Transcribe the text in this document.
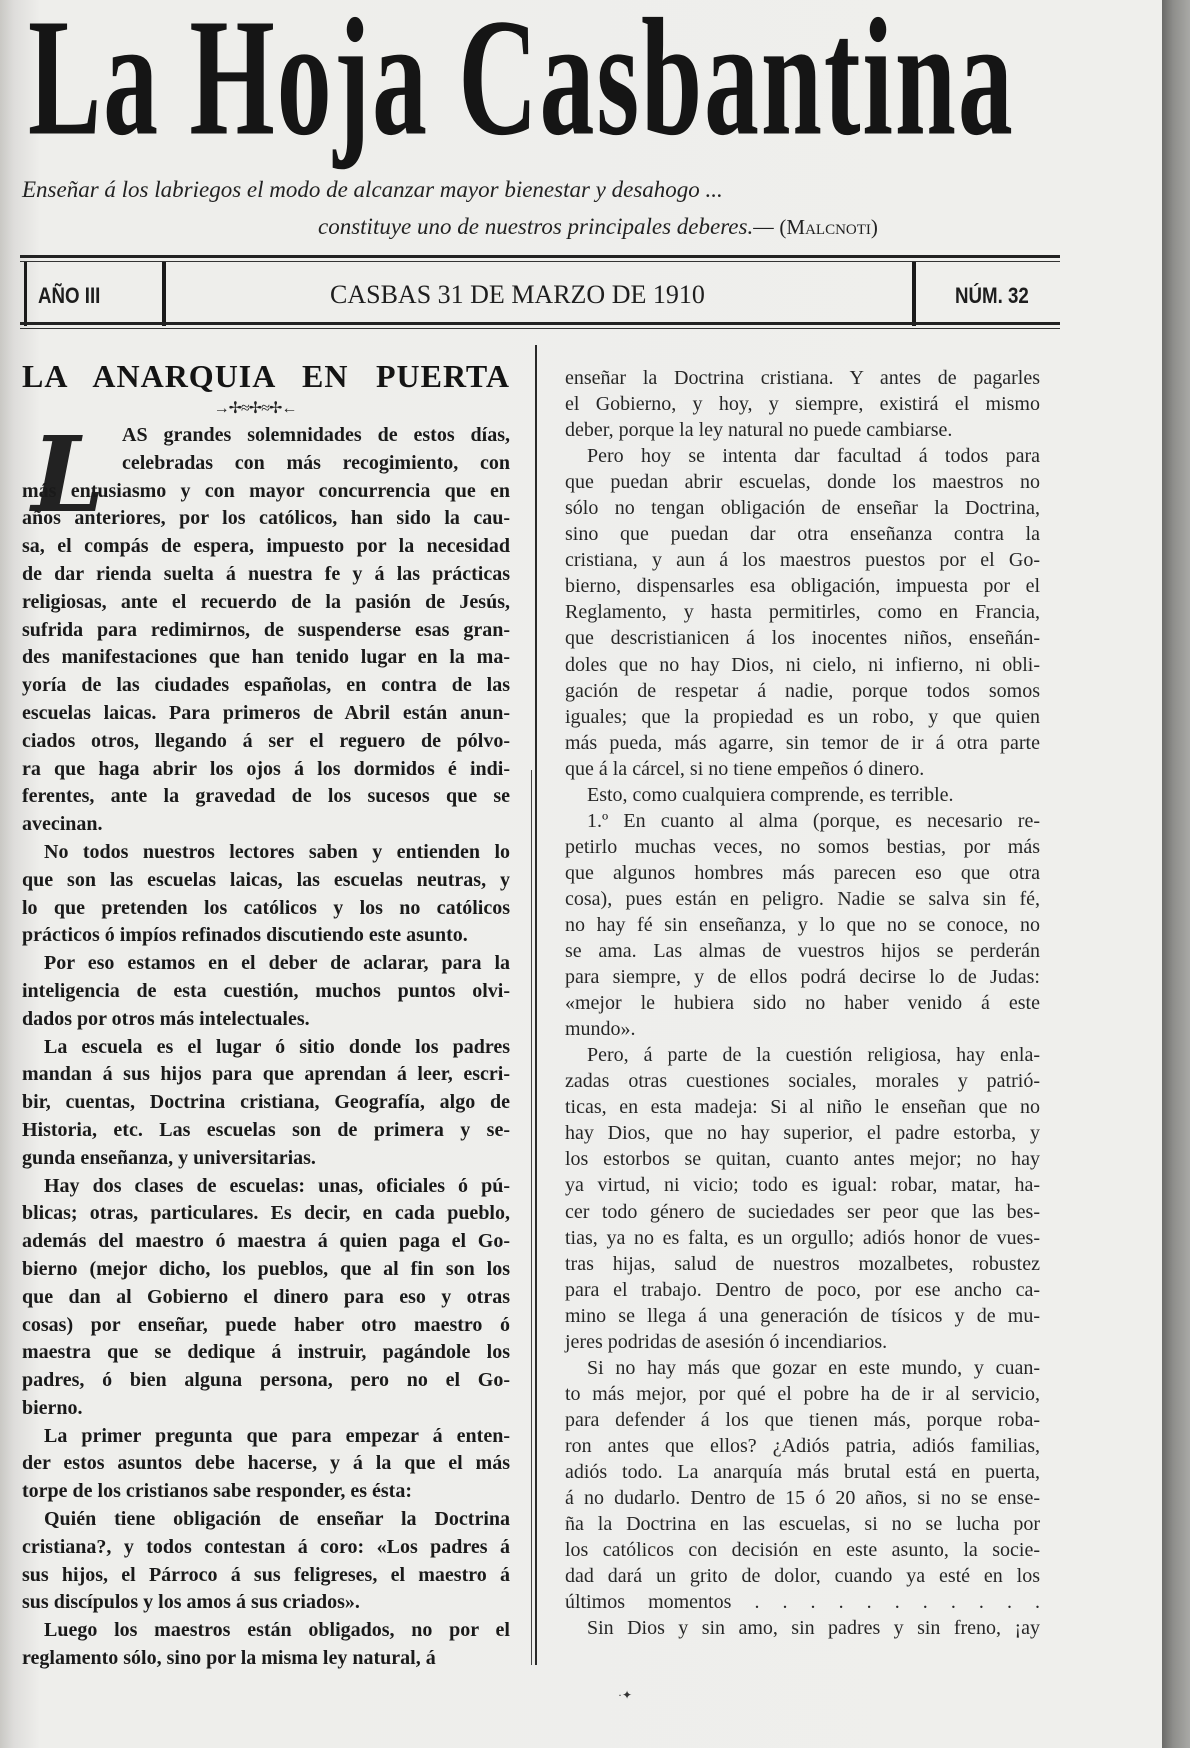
La Hoja Casbantina
Enseñar á los labriegos el modo de alcanzar mayor bienestar y desahogo ...
constituye uno de nuestros principales deberes.— (Malcnoti)
AÑO III	CASBAS 31 DE MARZO DE 1910	NÚM. 32
LA ANARQUIA EN PUERTA
→✢≈✢≈✢←
L AS grandes solemnidades de estos días,
celebradas con más recogimiento, con
más entusiasmo y con mayor concurrencia que en
años anteriores, por los católicos, han sido la cau-
sa, el compás de espera, impuesto por la necesidad
de dar rienda suelta á nuestra fe y á las prácticas
religiosas, ante el recuerdo de la pasión de Jesús,
sufrida para redimirnos, de suspenderse esas gran-
des manifestaciones que han tenido lugar en la ma-
yoría de las ciudades españolas, en contra de las
escuelas laicas. Para primeros de Abril están anun-
ciados otros, llegando á ser el reguero de pólvo-
ra que haga abrir los ojos á los dormidos é indi-
ferentes, ante la gravedad de los sucesos que se
avecinan.
No todos nuestros lectores saben y entienden lo
que son las escuelas laicas, las escuelas neutras, y
lo que pretenden los católicos y los no católicos
prácticos ó impíos refinados discutiendo este asunto.
Por eso estamos en el deber de aclarar, para la
inteligencia de esta cuestión, muchos puntos olvi-
dados por otros más intelectuales.
La escuela es el lugar ó sitio donde los padres
mandan á sus hijos para que aprendan á leer, escri-
bir, cuentas, Doctrina cristiana, Geografía, algo de
Historia, etc. Las escuelas son de primera y se-
gunda enseñanza, y universitarias.
Hay dos clases de escuelas: unas, oficiales ó pú-
blicas; otras, particulares. Es decir, en cada pueblo,
además del maestro ó maestra á quien paga el Go-
bierno (mejor dicho, los pueblos, que al fin son los
que dan al Gobierno el dinero para eso y otras
cosas) por enseñar, puede haber otro maestro ó
maestra que se dedique á instruir, pagándole los
padres, ó bien alguna persona, pero no el Go-
bierno.
La primer pregunta que para empezar á enten-
der estos asuntos debe hacerse, y á la que el más
torpe de los cristianos sabe responder, es ésta:
Quién tiene obligación de enseñar la Doctrina
cristiana?, y todos contestan á coro: «Los padres á
sus hijos, el Párroco á sus feligreses, el maestro á
sus discípulos y los amos á sus criados».
Luego los maestros están obligados, no por el
reglamento sólo, sino por la misma ley natural, á
enseñar la Doctrina cristiana. Y antes de pagarles
el Gobierno, y hoy, y siempre, existirá el mismo
deber, porque la ley natural no puede cambiarse.
Pero hoy se intenta dar facultad á todos para
que puedan abrir escuelas, donde los maestros no
sólo no tengan obligación de enseñar la Doctrina,
sino que puedan dar otra enseñanza contra la
cristiana, y aun á los maestros puestos por el Go-
bierno, dispensarles esa obligación, impuesta por el
Reglamento, y hasta permitirles, como en Francia,
que descristianicen á los inocentes niños, enseñán-
doles que no hay Dios, ni cielo, ni infierno, ni obli-
gación de respetar á nadie, porque todos somos
iguales; que la propiedad es un robo, y que quien
más pueda, más agarre, sin temor de ir á otra parte
que á la cárcel, si no tiene empeños ó dinero.
Esto, como cualquiera comprende, es terrible.
1.º En cuanto al alma (porque, es necesario re-
petirlo muchas veces, no somos bestias, por más
que algunos hombres más parecen eso que otra
cosa), pues están en peligro. Nadie se salva sin fé,
no hay fé sin enseñanza, y lo que no se conoce, no
se ama. Las almas de vuestros hijos se perderán
para siempre, y de ellos podrá decirse lo de Judas:
«mejor le hubiera sido no haber venido á este
mundo».
Pero, á parte de la cuestión religiosa, hay enla-
zadas otras cuestiones sociales, morales y patrió-
ticas, en esta madeja: Si al niño le enseñan que no
hay Dios, que no hay superior, el padre estorba, y
los estorbos se quitan, cuanto antes mejor; no hay
ya virtud, ni vicio; todo es igual: robar, matar, ha-
cer todo género de suciedades ser peor que las bes-
tias, ya no es falta, es un orgullo; adiós honor de vues-
tras hijas, salud de nuestros mozalbetes, robustez
para el trabajo. Dentro de poco, por ese ancho ca-
mino se llega á una generación de tísicos y de mu-
jeres podridas de asesión ó incendiarios.
Si no hay más que gozar en este mundo, y cuan-
to más mejor, por qué el pobre ha de ir al servicio,
para defender á los que tienen más, porque roba-
ron antes que ellos? ¿Adiós patria, adiós familias,
adiós todo. La anarquía más brutal está en puerta,
á no dudarlo. Dentro de 15 ó 20 años, si no se ense-
ña la Doctrina en las escuelas, si no se lucha por
los católicos con decisión en este asunto, la socie-
dad dará un grito de dolor, cuando ya esté en los
últimos momentos . . . . . . . . . . .
Sin Dios y sin amo, sin padres y sin freno, ¡ay
·✦
